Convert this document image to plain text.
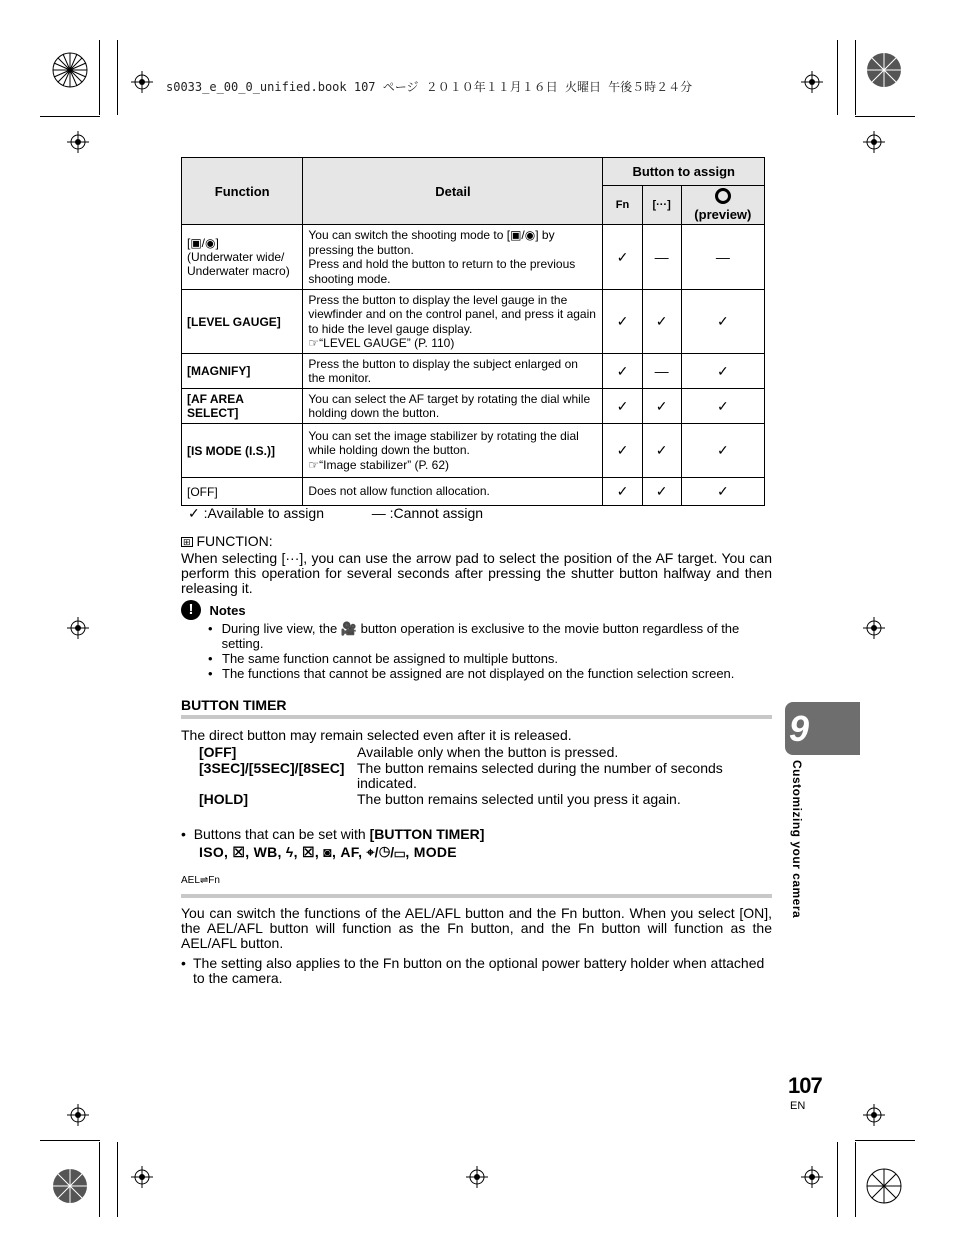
s0033_e_00_0_unified.book 107 ページ ２０１０年１１月１６日 火曜日 午後５時２４分
Function	Detail	Button to assign		
		Fn	[···]	(preview)
[▣/◉]
(Underwater wide/
Underwater macro)	You can switch the shooting mode to [▣/◉] by pressing the button.
Press and hold the button to return to the previous shooting mode.	✓	—	—
[LEVEL GAUGE]	Press the button to display the level gauge in the viewfinder and on the control panel, and press it again to hide the level gauge display.
☞“LEVEL GAUGE” (P. 110)	✓	✓	✓
[MAGNIFY]	Press the button to display the subject enlarged on the monitor.	✓	—	✓
[AF AREA
SELECT]	You can select the AF target by rotating the dial while holding down the button.	✓	✓	✓
[IS MODE (I.S.)]	You can set the image stabilizer by rotating the dial while holding down the button.
☞“Image stabilizer” (P. 62)	✓	✓	✓
[OFF]	Does not allow function allocation.	✓	✓	✓
✓ :Available to assign	— :Cannot assign
⊞ FUNCTION:
When selecting [···], you can use the arrow pad to select the position of the AF target. You can perform this operation for several seconds after pressing the shutter button halfway and then releasing it.
! Notes
• During live view, the 🎥 button operation is exclusive to the movie button regardless of the setting.
• The same function cannot be assigned to multiple buttons.
• The functions that cannot be assigned are not displayed on the function selection screen.
BUTTON TIMER
The direct button may remain selected even after it is released.
[OFF]	Available only when the button is pressed.
[3SEC]/[5SEC]/[8SEC] The button remains selected during the number of seconds indicated.
[HOLD]	The button remains selected until you press it again.
•  Buttons that can be set with [BUTTON TIMER]
ISO, ☒, WB, ϟ, ☒, ◙, AF, ⌖/◷/▭, MODE
AEL⇌Fn
You can switch the functions of the AEL/AFL button and the Fn button. When you select [ON], the AEL/AFL button will function as the Fn button, and the Fn button will function as the AEL/AFL button.
• The setting also applies to the Fn button on the optional power battery holder when attached to the camera.
9
Customizing your camera
107
EN
